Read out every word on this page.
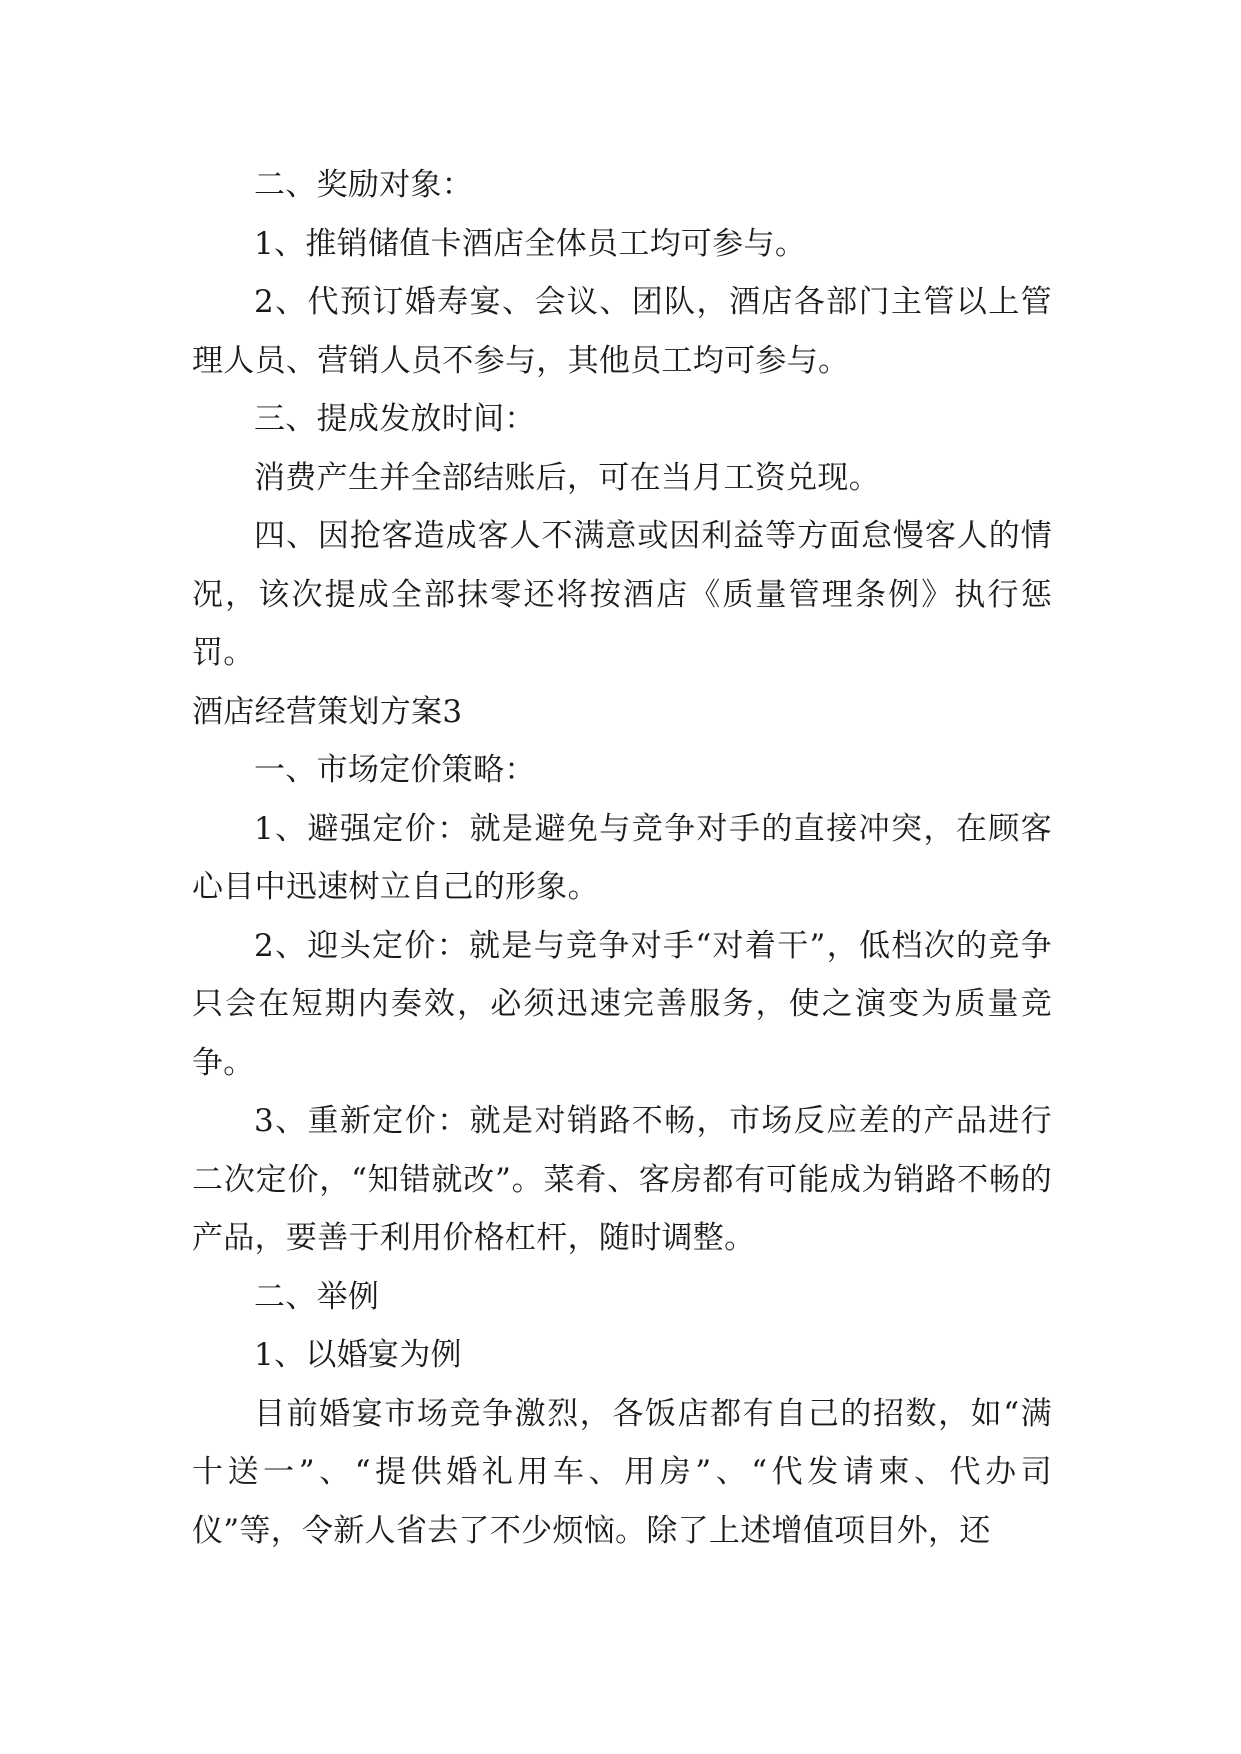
二、奖励对象：

1、推销储值卡酒店全体员工均可参与。

2、代预订婚寿宴、会议、团队，酒店各部门主管以上管理人员、营销人员不参与，其他员工均可参与。

三、提成发放时间：

消费产生并全部结账后，可在当月工资兑现。

四、因抢客造成客人不满意或因利益等方面怠慢客人的情况，该次提成全部抹零还将按酒店《质量管理条例》执行惩罚。

酒店经营策划方案3

一、市场定价策略：

1、避强定价：就是避免与竞争对手的直接冲突，在顾客心目中迅速树立自己的形象。

2、迎头定价：就是与竞争对手“对着干”，低档次的竞争只会在短期内奏效，必须迅速完善服务，使之演变为质量竞争。

3、重新定价：就是对销路不畅，市场反应差的产品进行二次定价，“知错就改”。菜肴、客房都有可能成为销路不畅的产品，要善于利用价格杠杆，随时调整。

二、举例

1、以婚宴为例

目前婚宴市场竞争激烈，各饭店都有自己的招数，如“满十送一”、“提供婚礼用车、用房”、“代发请柬、代办司仪”等，令新人省去了不少烦恼。除了上述增值项目外，还
